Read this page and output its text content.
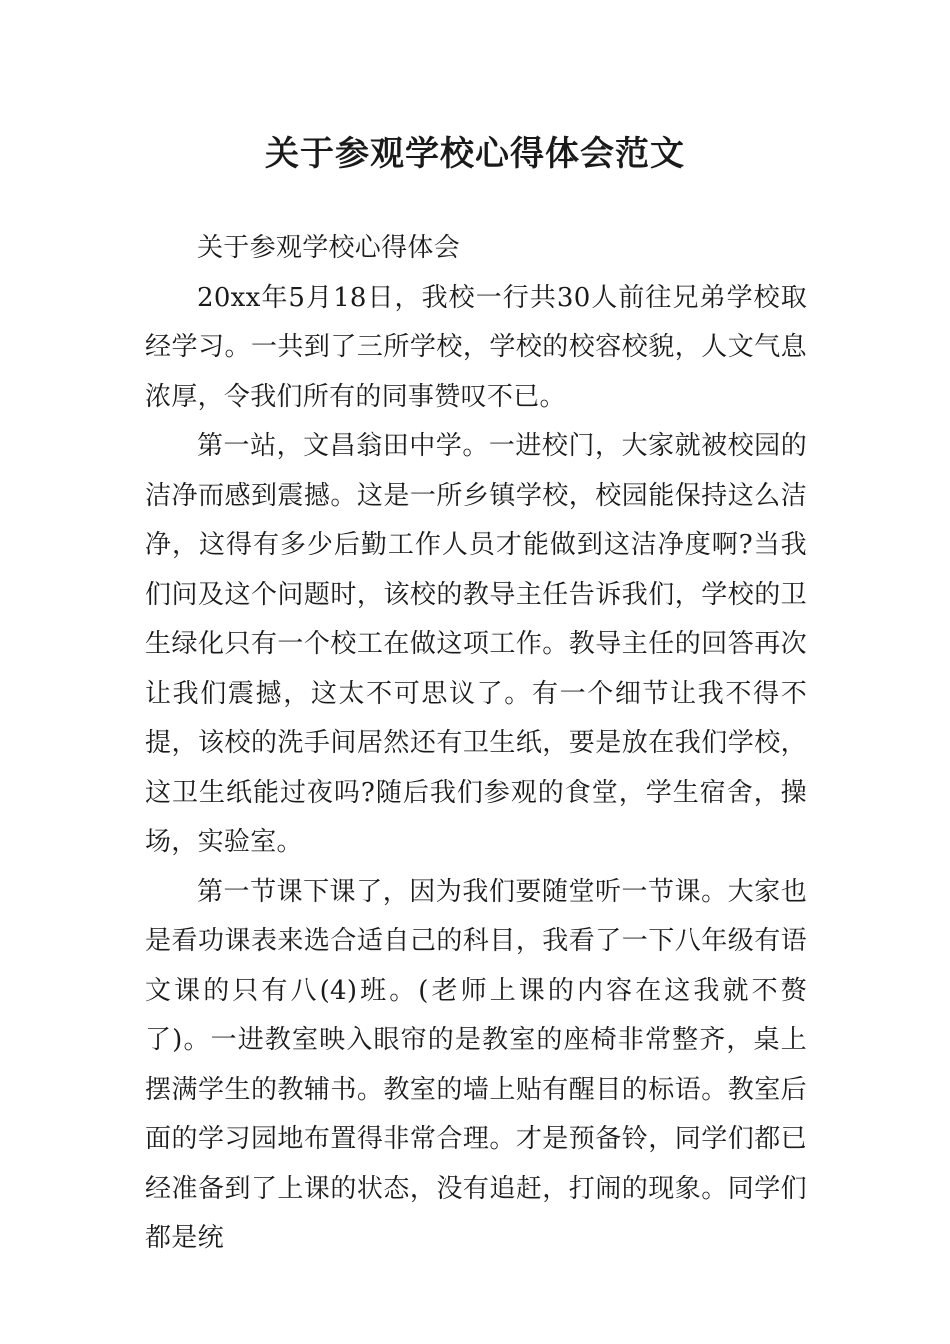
关于参观学校心得体会范文

关于参观学校心得体会

20xx年5月18日，我校一行共30人前往兄弟学校取经学习。一共到了三所学校，学校的校容校貌，人文气息浓厚，令我们所有的同事赞叹不已。

第一站，文昌翁田中学。一进校门，大家就被校园的洁净而感到震撼。这是一所乡镇学校，校园能保持这么洁净，这得有多少后勤工作人员才能做到这洁净度啊?当我们问及这个问题时，该校的教导主任告诉我们，学校的卫生绿化只有一个校工在做这项工作。教导主任的回答再次让我们震撼，这太不可思议了。有一个细节让我不得不提，该校的洗手间居然还有卫生纸，要是放在我们学校，这卫生纸能过夜吗?随后我们参观的食堂，学生宿舍，操场，实验室。

第一节课下课了，因为我们要随堂听一节课。大家也是看功课表来选合适自己的科目，我看了一下八年级有语文课的只有八(4)班。(老师上课的内容在这我就不赘了)。一进教室映入眼帘的是教室的座椅非常整齐，桌上摆满学生的教辅书。教室的墙上贴有醒目的标语。教室后面的学习园地布置得非常合理。才是预备铃，同学们都已经准备到了上课的状态，没有追赶，打闹的现象。同学们都是统
